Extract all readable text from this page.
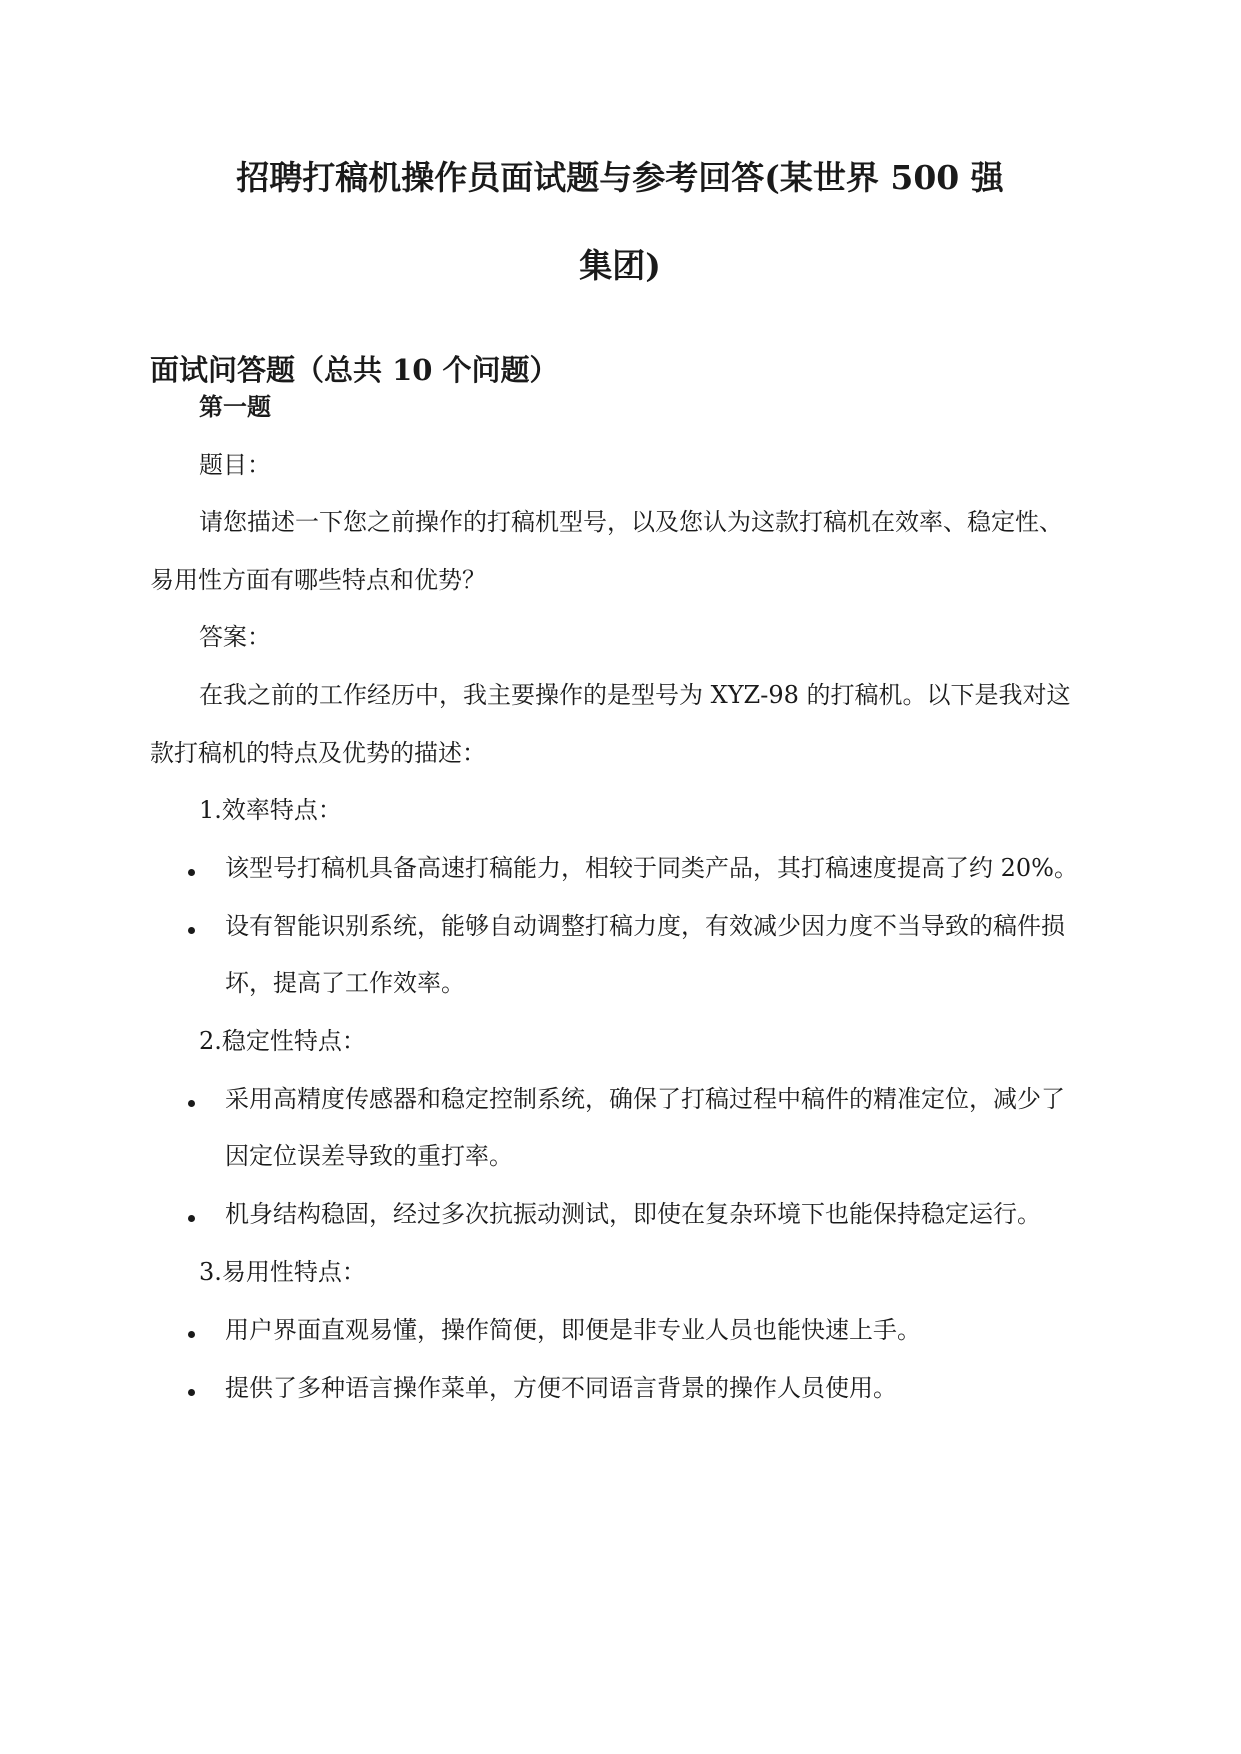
招聘打稿机操作员面试题与参考回答(某世界 500 强
集团)
面试问答题（总共 10 个问题）
第一题
题目：
请您描述一下您之前操作的打稿机型号，以及您认为这款打稿机在效率、稳定性、
易用性方面有哪些特点和优势？
答案：
在我之前的工作经历中，我主要操作的是型号为 XYZ-98 的打稿机。以下是我对这
款打稿机的特点及优势的描述：
1.效率特点：
该型号打稿机具备高速打稿能力，相较于同类产品，其打稿速度提高了约 20%。
设有智能识别系统，能够自动调整打稿力度，有效减少因力度不当导致的稿件损
坏，提高了工作效率。
2.稳定性特点：
采用高精度传感器和稳定控制系统，确保了打稿过程中稿件的精准定位，减少了
因定位误差导致的重打率。
机身结构稳固，经过多次抗振动测试，即使在复杂环境下也能保持稳定运行。
3.易用性特点：
用户界面直观易懂，操作简便，即便是非专业人员也能快速上手。
提供了多种语言操作菜单，方便不同语言背景的操作人员使用。
